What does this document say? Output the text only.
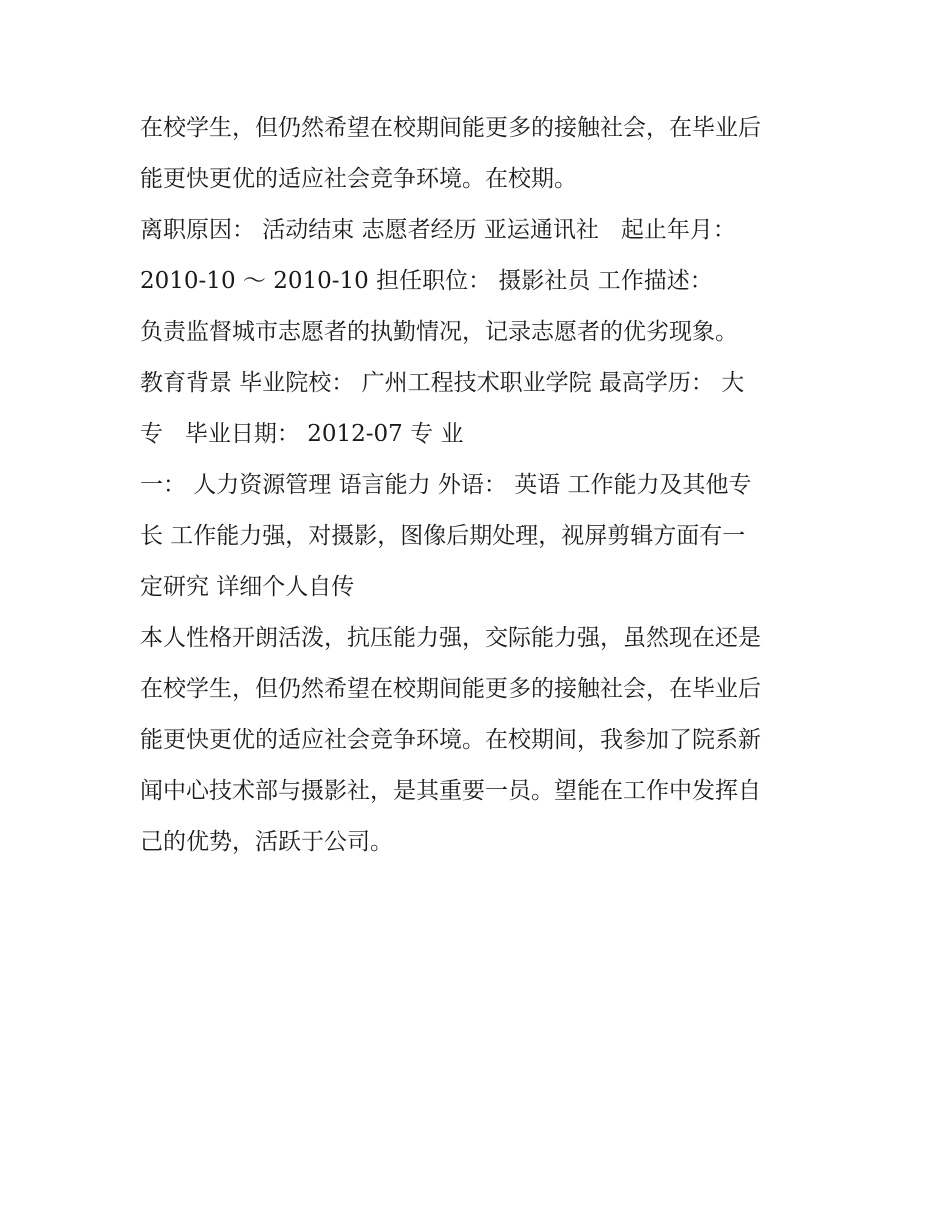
在校学生，但仍然希望在校期间能更多的接触社会，在毕业后
能更快更优的适应社会竞争环境。在校期。
离职原因： 活动结束 志愿者经历 亚运通讯社   起止年月：
2010-10 ～ 2010-10 担任职位： 摄影社员 工作描述：
负责监督城市志愿者的执勤情况，记录志愿者的优劣现象。
教育背景 毕业院校： 广州工程技术职业学院 最高学历： 大
专   毕业日期： 2012-07 专 业
一： 人力资源管理 语言能力 外语： 英语 工作能力及其他专
长 工作能力强，对摄影，图像后期处理，视屏剪辑方面有一
定研究 详细个人自传
本人性格开朗活泼，抗压能力强，交际能力强，虽然现在还是
在校学生，但仍然希望在校期间能更多的接触社会，在毕业后
能更快更优的适应社会竞争环境。在校期间，我参加了院系新
闻中心技术部与摄影社，是其重要一员。望能在工作中发挥自
己的优势，活跃于公司。
